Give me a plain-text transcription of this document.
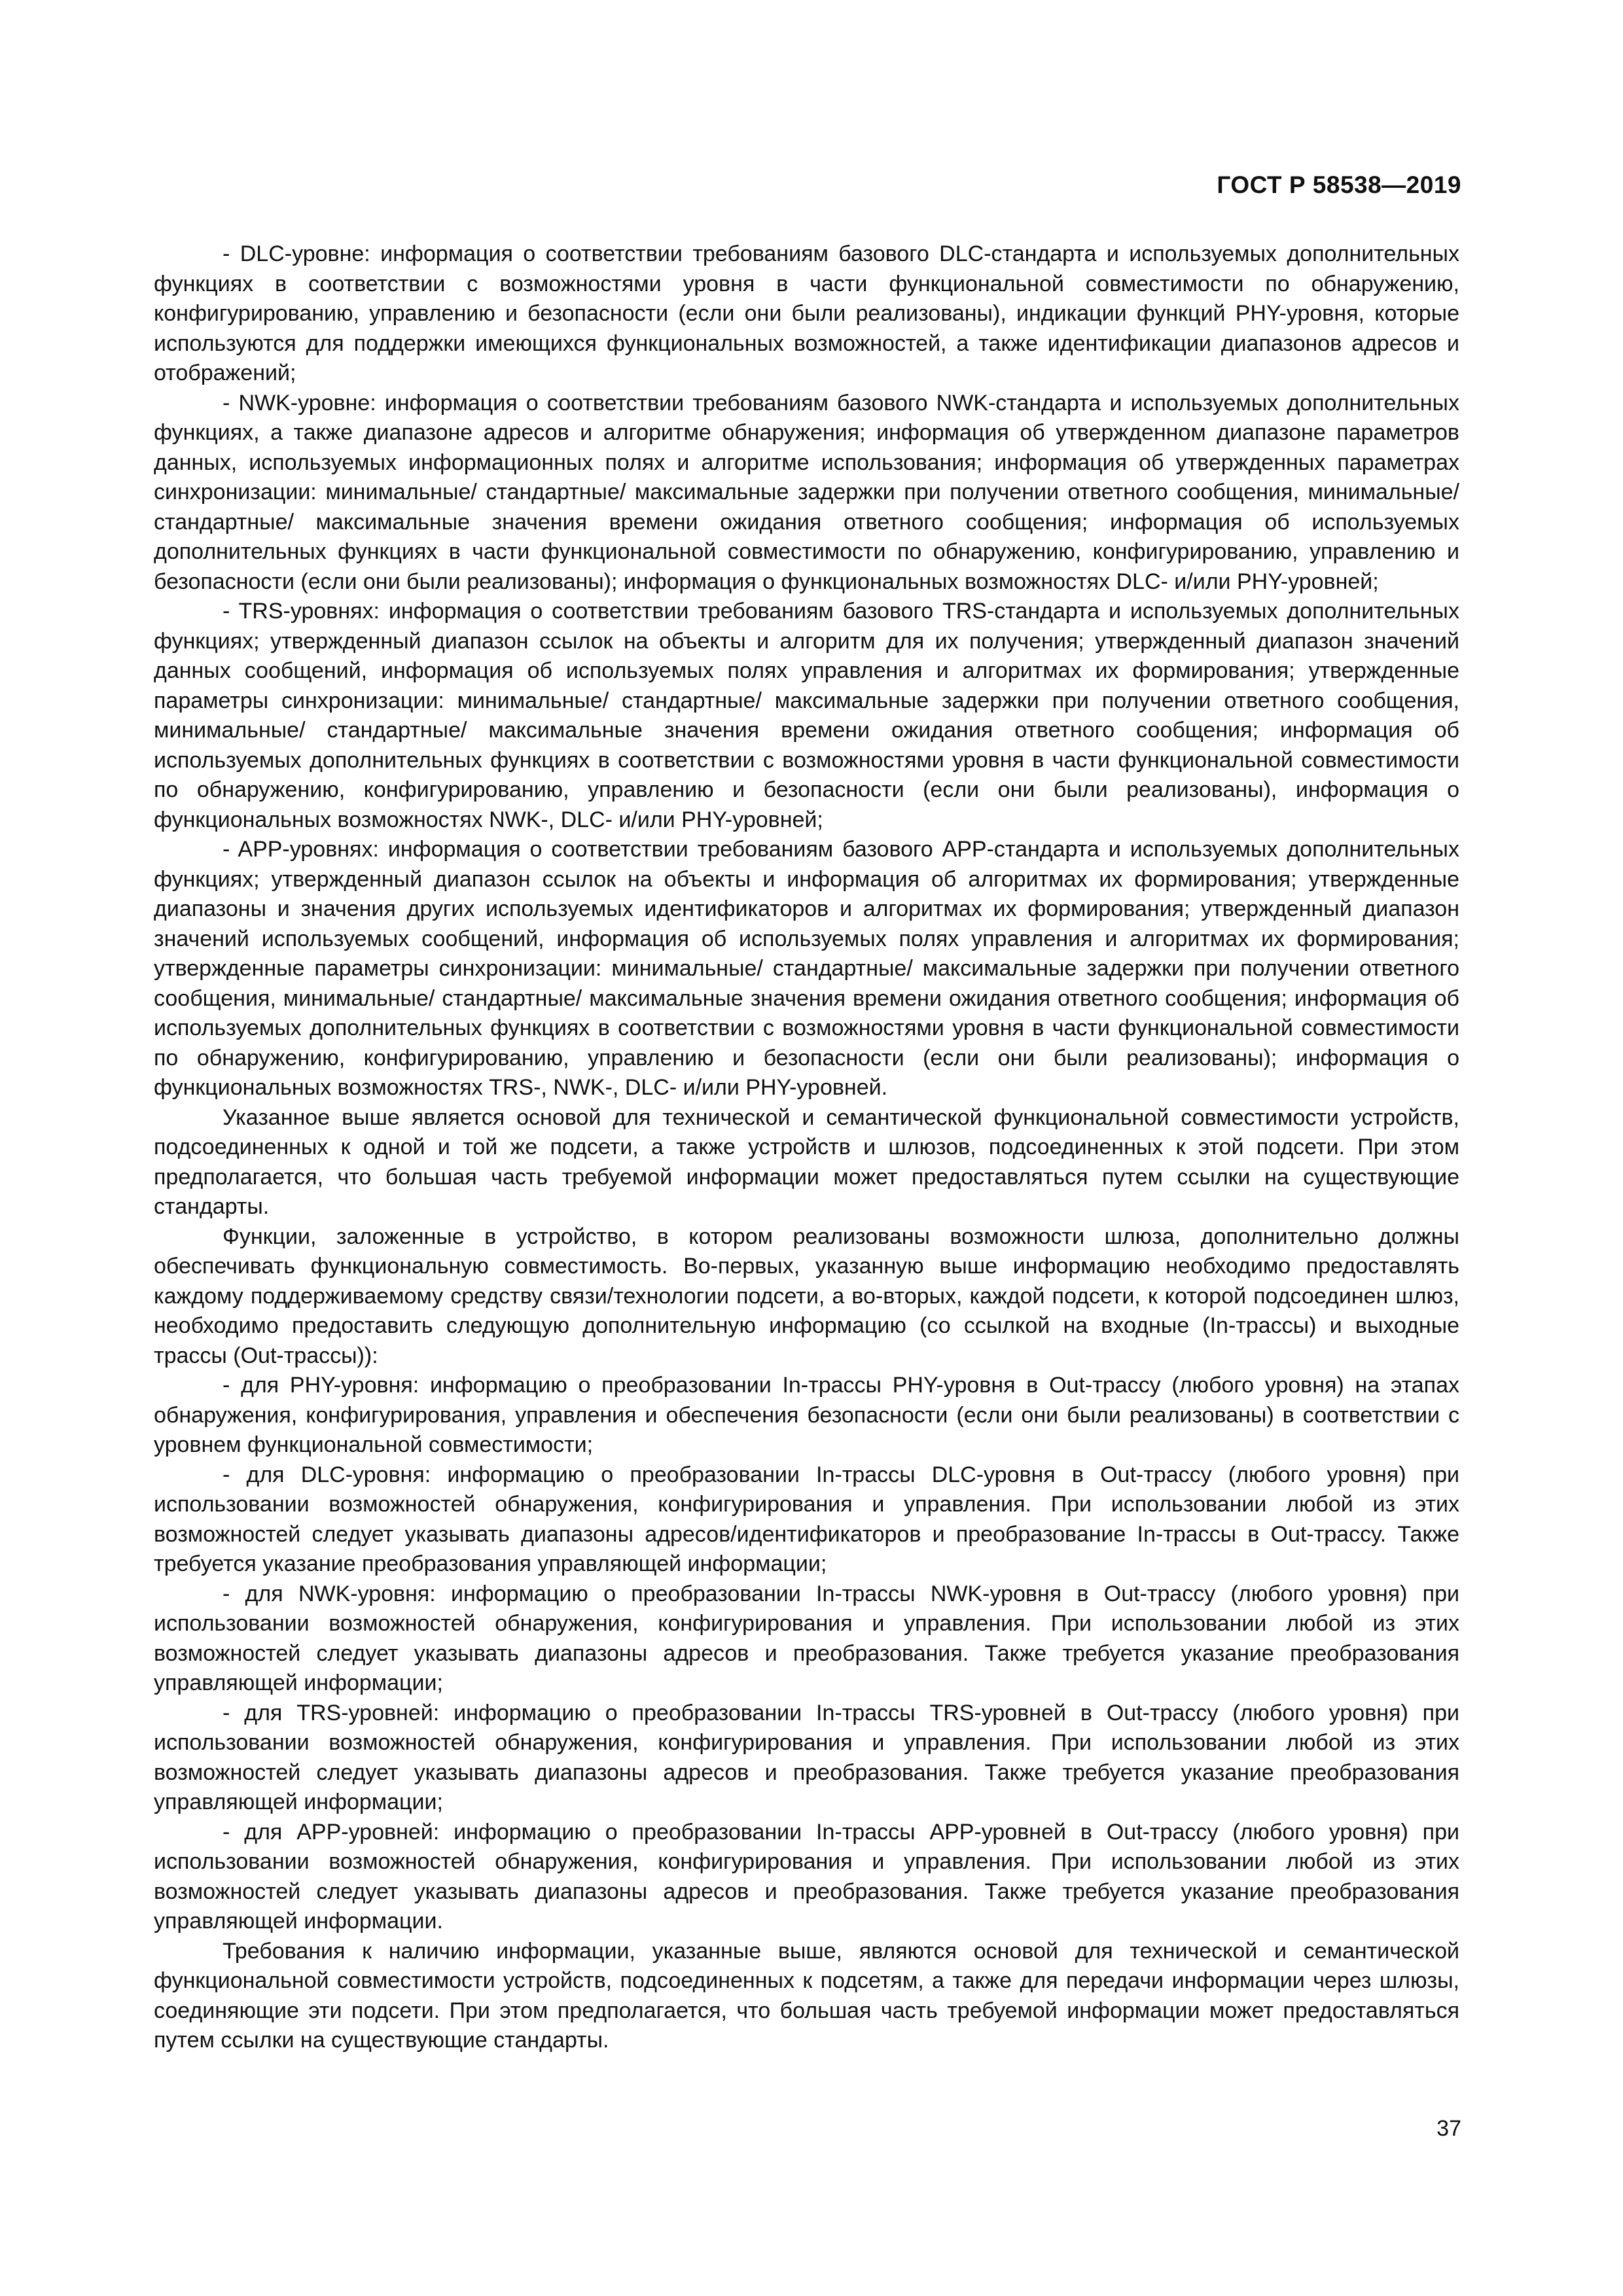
ГОСТ Р 58538—2019

- DLC-уровне: информация о соответствии требованиям базового DLC-стандарта и используемых дополнительных функциях в соответствии с возможностями уровня в части функциональной совместимости по обнаружению, конфигурированию, управлению и безопасности (если они были реализованы), индикации функций PHY-уровня, которые используются для поддержки имеющихся функциональных возможностей, а также идентификации диапазонов адресов и отображений;

- NWK-уровне: информация о соответствии требованиям базового NWK-стандарта и используемых дополнительных функциях, а также диапазоне адресов и алгоритме обнаружения; информация об утвержденном диапазоне параметров данных, используемых информационных полях и алгоритме использования; информация об утвержденных параметрах синхронизации: минимальные/ стандартные/ максимальные задержки при получении ответного сообщения, минимальные/ стандартные/ максимальные значения времени ожидания ответного сообщения; информация об используемых дополнительных функциях в части функциональной совместимости по обнаружению, конфигурированию, управлению и безопасности (если они были реализованы); информация о функциональных возможностях DLC- и/или PHY-уровней;

- TRS-уровнях: информация о соответствии требованиям базового TRS-стандарта и используемых дополнительных функциях; утвержденный диапазон ссылок на объекты и алгоритм для их получения; утвержденный диапазон значений данных сообщений, информация об используемых полях управления и алгоритмах их формирования; утвержденные параметры синхронизации: минимальные/ стандартные/ максимальные задержки при получении ответного сообщения, минимальные/ стандартные/ максимальные значения времени ожидания ответного сообщения; информация об используемых дополнительных функциях в соответствии с возможностями уровня в части функциональной совместимости по обнаружению, конфигурированию, управлению и безопасности (если они были реализованы), информация о функциональных возможностях NWK-, DLC- и/или PHY-уровней;

- APP-уровнях: информация о соответствии требованиям базового APP-стандарта и используемых дополнительных функциях; утвержденный диапазон ссылок на объекты и информация об алгоритмах их формирования; утвержденные диапазоны и значения других используемых идентификаторов и алгоритмах их формирования; утвержденный диапазон значений используемых сообщений, информация об используемых полях управления и алгоритмах их формирования; утвержденные параметры синхронизации: минимальные/ стандартные/ максимальные задержки при получении ответного сообщения, минимальные/ стандартные/ максимальные значения времени ожидания ответного сообщения; информация об используемых дополнительных функциях в соответствии с возможностями уровня в части функциональной совместимости по обнаружению, конфигурированию, управлению и безопасности (если они были реализованы); информация о функциональных возможностях TRS-, NWK-, DLC- и/или PHY-уровней.

Указанное выше является основой для технической и семантической функциональной совместимости устройств, подсоединенных к одной и той же подсети, а также устройств и шлюзов, подсоединенных к этой подсети. При этом предполагается, что большая часть требуемой информации может предоставляться путем ссылки на существующие стандарты.

Функции, заложенные в устройство, в котором реализованы возможности шлюза, дополнительно должны обеспечивать функциональную совместимость. Во-первых, указанную выше информацию необходимо предоставлять каждому поддерживаемому средству связи/технологии подсети, а во-вторых, каждой подсети, к которой подсоединен шлюз, необходимо предоставить следующую дополнительную информацию (со ссылкой на входные (In-трассы) и выходные трассы (Out-трассы)):

- для PHY-уровня: информацию о преобразовании In-трассы PHY-уровня в Out-трассу (любого уровня) на этапах обнаружения, конфигурирования, управления и обеспечения безопасности (если они были реализованы) в соответствии с уровнем функциональной совместимости;

- для DLC-уровня: информацию о преобразовании In-трассы DLC-уровня в Out-трассу (любого уровня) при использовании возможностей обнаружения, конфигурирования и управления. При использовании любой из этих возможностей следует указывать диапазоны адресов/идентификаторов и преобразование In-трассы в Out-трассу. Также требуется указание преобразования управляющей информации;

- для NWK-уровня: информацию о преобразовании In-трассы NWK-уровня в Out-трассу (любого уровня) при использовании возможностей обнаружения, конфигурирования и управления. При использовании любой из этих возможностей следует указывать диапазоны адресов и преобразования. Также требуется указание преобразования управляющей информации;

- для TRS-уровней: информацию о преобразовании In-трассы TRS-уровней в Out-трассу (любого уровня) при использовании возможностей обнаружения, конфигурирования и управления. При использовании любой из этих возможностей следует указывать диапазоны адресов и преобразования. Также требуется указание преобразования управляющей информации;

- для APP-уровней: информацию о преобразовании In-трассы APP-уровней в Out-трассу (любого уровня) при использовании возможностей обнаружения, конфигурирования и управления. При использовании любой из этих возможностей следует указывать диапазоны адресов и преобразования. Также требуется указание преобразования управляющей информации.

Требования к наличию информации, указанные выше, являются основой для технической и семантической функциональной совместимости устройств, подсоединенных к подсетям, а также для передачи информации через шлюзы, соединяющие эти подсети. При этом предполагается, что большая часть требуемой информации может предоставляться путем ссылки на существующие стандарты.

37
